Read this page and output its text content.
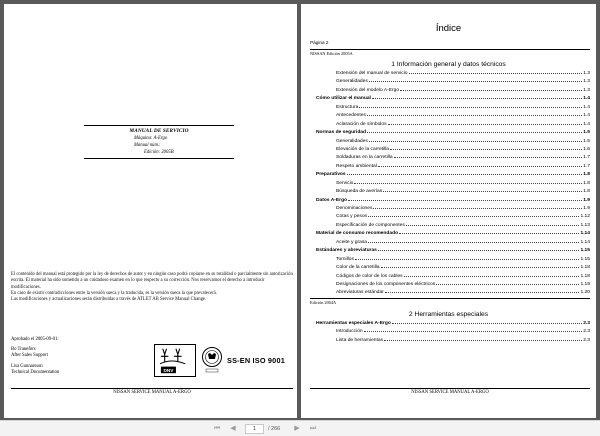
MANUAL DE SERVICIO
Máquina: A-Ergo
Manual núm.:
Edición: 2005B

El contenido del manual está protegido por la ley de derechos de autor y en ningún caso podrá copiarse en su totalidad o parcialmente sin autorización escrita. El material ha sido sometido a un cuidadoso examen en lo que respecto a su corrección. Nos reservamos el derecho a introducir modificaciones.

En caso de existir contradicciones entre la versión sueca y la traducida, es la versión sueca la que prevalecerá.

Las modificaciones y actualizaciones serán distribuidas a través de ATLET AB Service Manual Change.

Aprobado el 2005-09-01:
Bo Tranefors
After Sales Support
Lisa Gunnarsson
Technical Documentation	DNV
SS-EN ISO 9001
NISSAN SERVICE MANUAL A-ERGO
Índice
Página 2
NISSAN Edición 2005A
1 Información general y datos técnicos
Extensión del manual de servicio	1.3
Generalidades	1.3
Extensión del modelo A-Ergo	1.3
Cómo utilizar el manual	1.4
Estructura	1.4
Antecedentes	1.4
Aclaración de símbolos	1.4
Normas de seguridad	1.5
Generalidades	1.5
Elevación de la carretilla	1.6
Soldaduras en la carretilla	1.7
Respeto ambiental	1.7
Preparativos	1.8
Servicio	1.8
Búsqueda de averías	1.8
Datos A-Ergo	1.9
Denominaciones	1.9
Cotas y pesos	1.12
Especificación de componentes	1.13
Material de consumo recomendado	1.14
Aceite y grasa	1.14
Estándares y abreviaturas	1.15
Tornillos	1.15
Color de la carretilla	1.18
Códigos de color de los cables	1.18
Designaciones de los componentes eléctricos	1.19
Abreviaturas estándar	1.20
Edición 2004A
2 Herramientas especiales
Herramientas especiales A-Ergo	2.3
Introducción	2.3
Lista de herramientas	2.3
NISSAN SERVICE MANUAL A-ERGO
⏮	◀	1	/ 266	▶	⏭
